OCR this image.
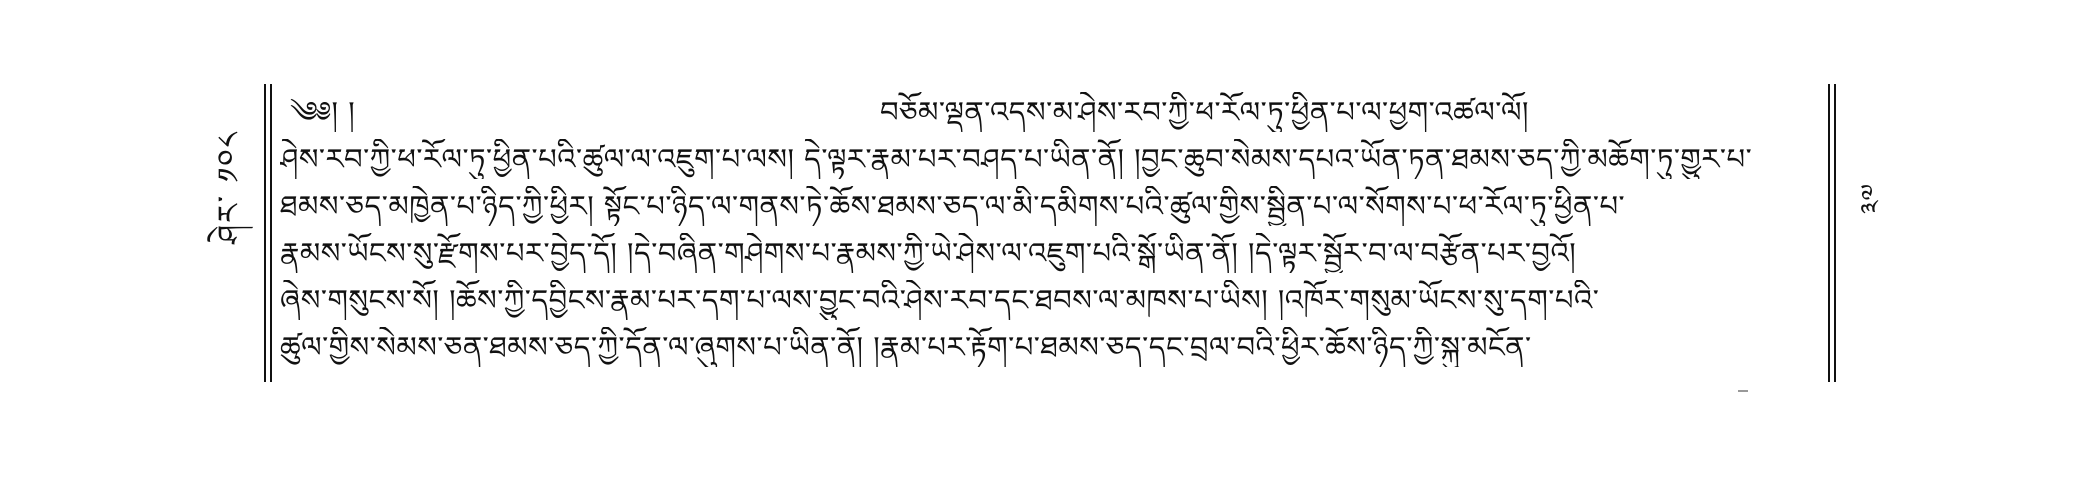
ཤེར་ ༡༠༨	༣༧
༄༅། །	བཅོམ་ལྡན་འདས་མ་ཤེས་རབ་ཀྱི་ཕ་རོལ་ཏུ་ཕྱིན་པ་ལ་ཕྱག་འཚལ་ལོ།
ཤེས་རབ་ཀྱི་ཕ་རོལ་ཏུ་ཕྱིན་པའི་ཚུལ་ལ་འཇུག་པ་ལས། དེ་ལྟར་རྣམ་པར་བཤད་པ་ཡིན་ནོ། །བྱང་ཆུབ་སེམས་དཔའ་ཡོན་ཏན་ཐམས་ཅད་ཀྱི་མཆོག་ཏུ་གྱུར་པ་
ཐམས་ཅད་མཁྱེན་པ་ཉིད་ཀྱི་ཕྱིར། སྟོང་པ་ཉིད་ལ་གནས་ཏེ་ཆོས་ཐམས་ཅད་ལ་མི་དམིགས་པའི་ཚུལ་གྱིས་སྦྱིན་པ་ལ་སོགས་པ་ཕ་རོལ་ཏུ་ཕྱིན་པ་
རྣམས་ཡོངས་སུ་རྫོགས་པར་བྱེད་དོ། །དེ་བཞིན་གཤེགས་པ་རྣམས་ཀྱི་ཡེ་ཤེས་ལ་འཇུག་པའི་སྒོ་ཡིན་ནོ། །དེ་ལྟར་སྦྱོར་བ་ལ་བརྩོན་པར་བྱའོ།
ཞེས་གསུངས་སོ། །ཆོས་ཀྱི་དབྱིངས་རྣམ་པར་དག་པ་ལས་བྱུང་བའི་ཤེས་རབ་དང་ཐབས་ལ་མཁས་པ་ཡིས། །འཁོར་གསུམ་ཡོངས་སུ་དག་པའི་
ཚུལ་གྱིས་སེམས་ཅན་ཐམས་ཅད་ཀྱི་དོན་ལ་ཞུགས་པ་ཡིན་ནོ། །རྣམ་པར་རྟོག་པ་ཐམས་ཅད་དང་བྲལ་བའི་ཕྱིར་ཆོས་ཉིད་ཀྱི་སྐུ་མངོན་
